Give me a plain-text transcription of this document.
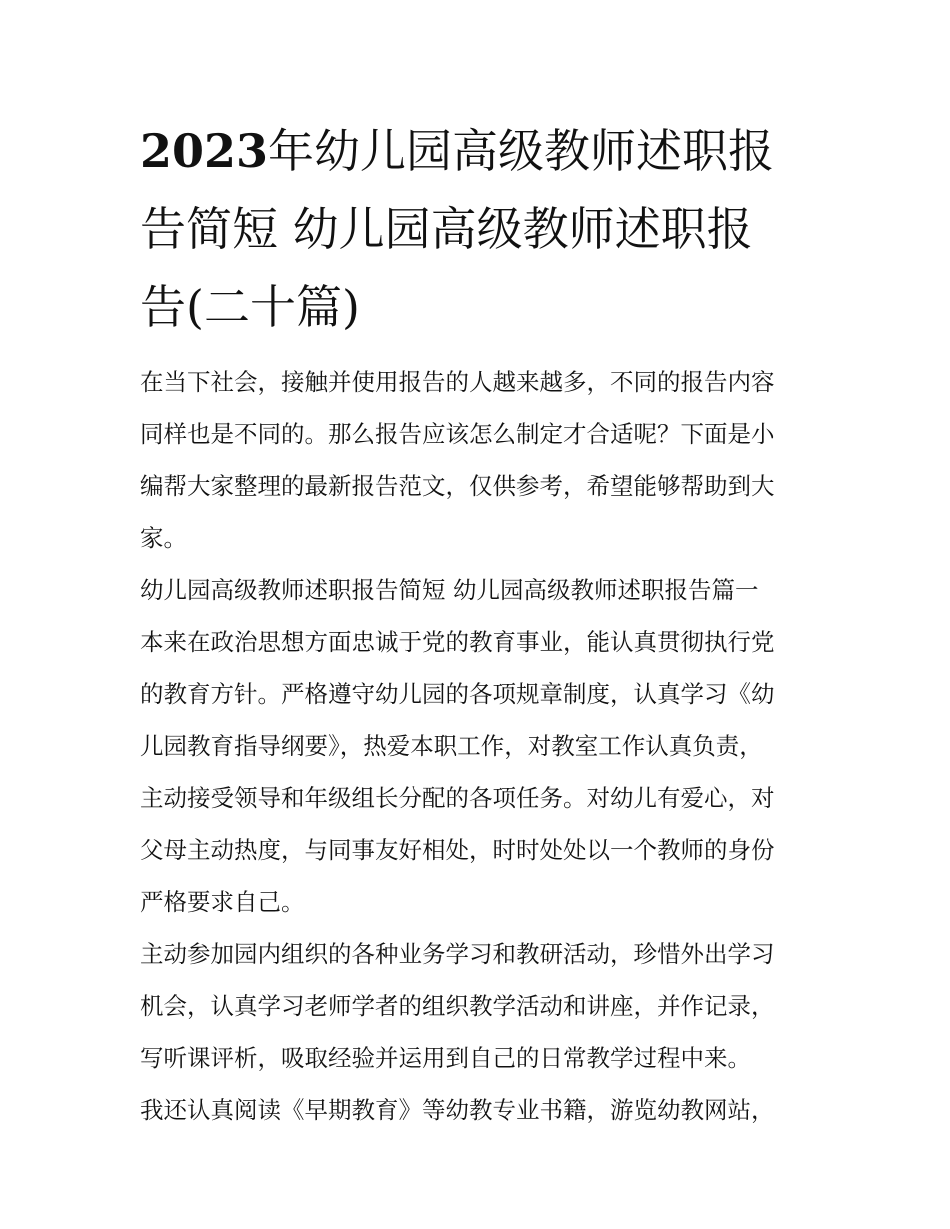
2023年幼儿园高级教师述职报
告简短 幼儿园高级教师述职报
告(二十篇)

在当下社会，接触并使用报告的人越来越多，不同的报告内容
同样也是不同的。那么报告应该怎么制定才合适呢？下面是小
编帮大家整理的最新报告范文，仅供参考，希望能够帮助到大
家。

幼儿园高级教师述职报告简短 幼儿园高级教师述职报告篇一

本来在政治思想方面忠诚于党的教育事业，能认真贯彻执行党
的教育方针。严格遵守幼儿园的各项规章制度，认真学习《幼
儿园教育指导纲要》，热爱本职工作，对教室工作认真负责，
主动接受领导和年级组长分配的各项任务。对幼儿有爱心，对
父母主动热度，与同事友好相处，时时处处以一个教师的身份
严格要求自己。

主动参加园内组织的各种业务学习和教研活动，珍惜外出学习
机会，认真学习老师学者的组织教学活动和讲座，并作记录，
写听课评析，吸取经验并运用到自己的日常教学过程中来。

我还认真阅读《早期教育》等幼教专业书籍，游览幼教网站，
